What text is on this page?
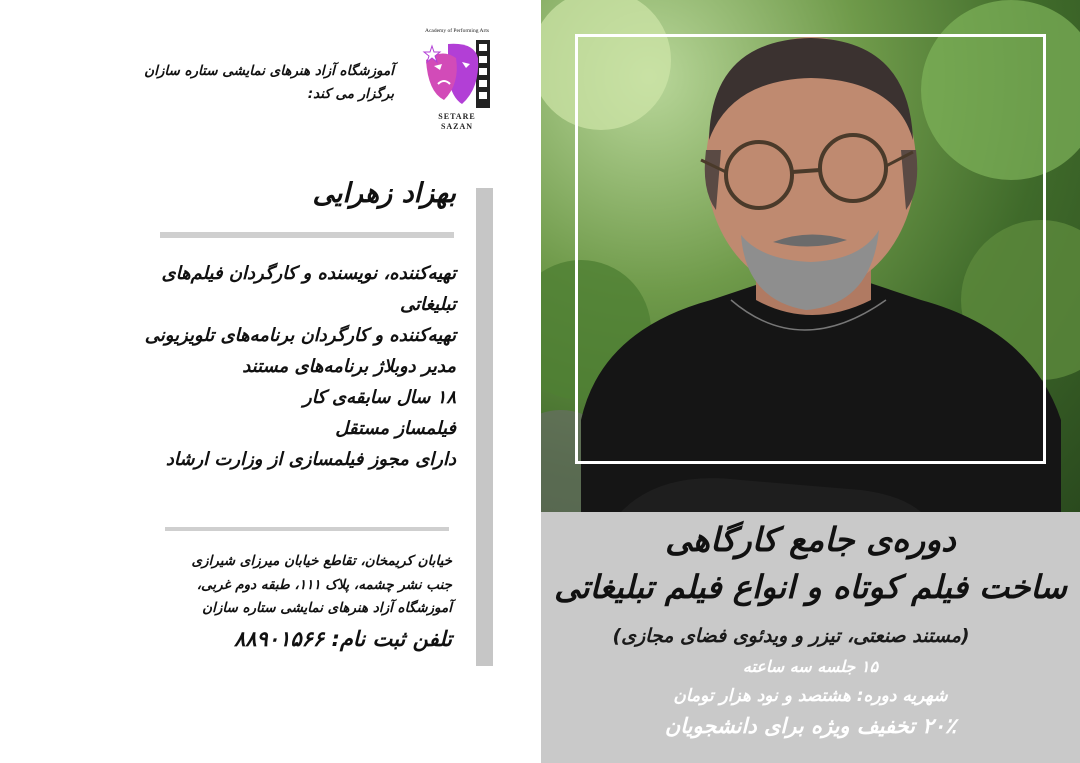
دوره‌ی جامع کارگاهی
ساخت فیلم کوتاه و انواع فیلم تبلیغاتی
(مستند صنعتی، تیزر و ویدئوی فضای مجازی)
۱۵ جلسه سه ساعته
شهریه دوره: هشتصد و نود هزار تومان
۲۰٪ تخفیف ویژه برای دانشجویان
Academy of Performing Arts
SETARE
SAZAN
آموزشگاه آزاد هنرهای نمایشی ستاره سازان
برگزار می کند:
بهزاد زهرایی
تهیه‌کننده، نویسنده و کارگردان فیلم‌های
تبلیغاتی
تهیه‌کننده و کارگردان برنامه‌های تلویزیونی
مدیر دوبلاژ برنامه‌های مستند
۱۸ سال سابقه‌ی کار
فیلمساز مستقل
دارای مجوز فیلمسازی از وزارت ارشاد
خیابان کریمخان، تقاطع خیابان میرزای شیرازی
جنب نشر چشمه، پلاک ۱۱۱، طبقه دوم غربی،
آموزشگاه آزاد هنرهای نمایشی ستاره سازان
تلفن ثبت نام: ۸۸۹۰۱۵۶۶
